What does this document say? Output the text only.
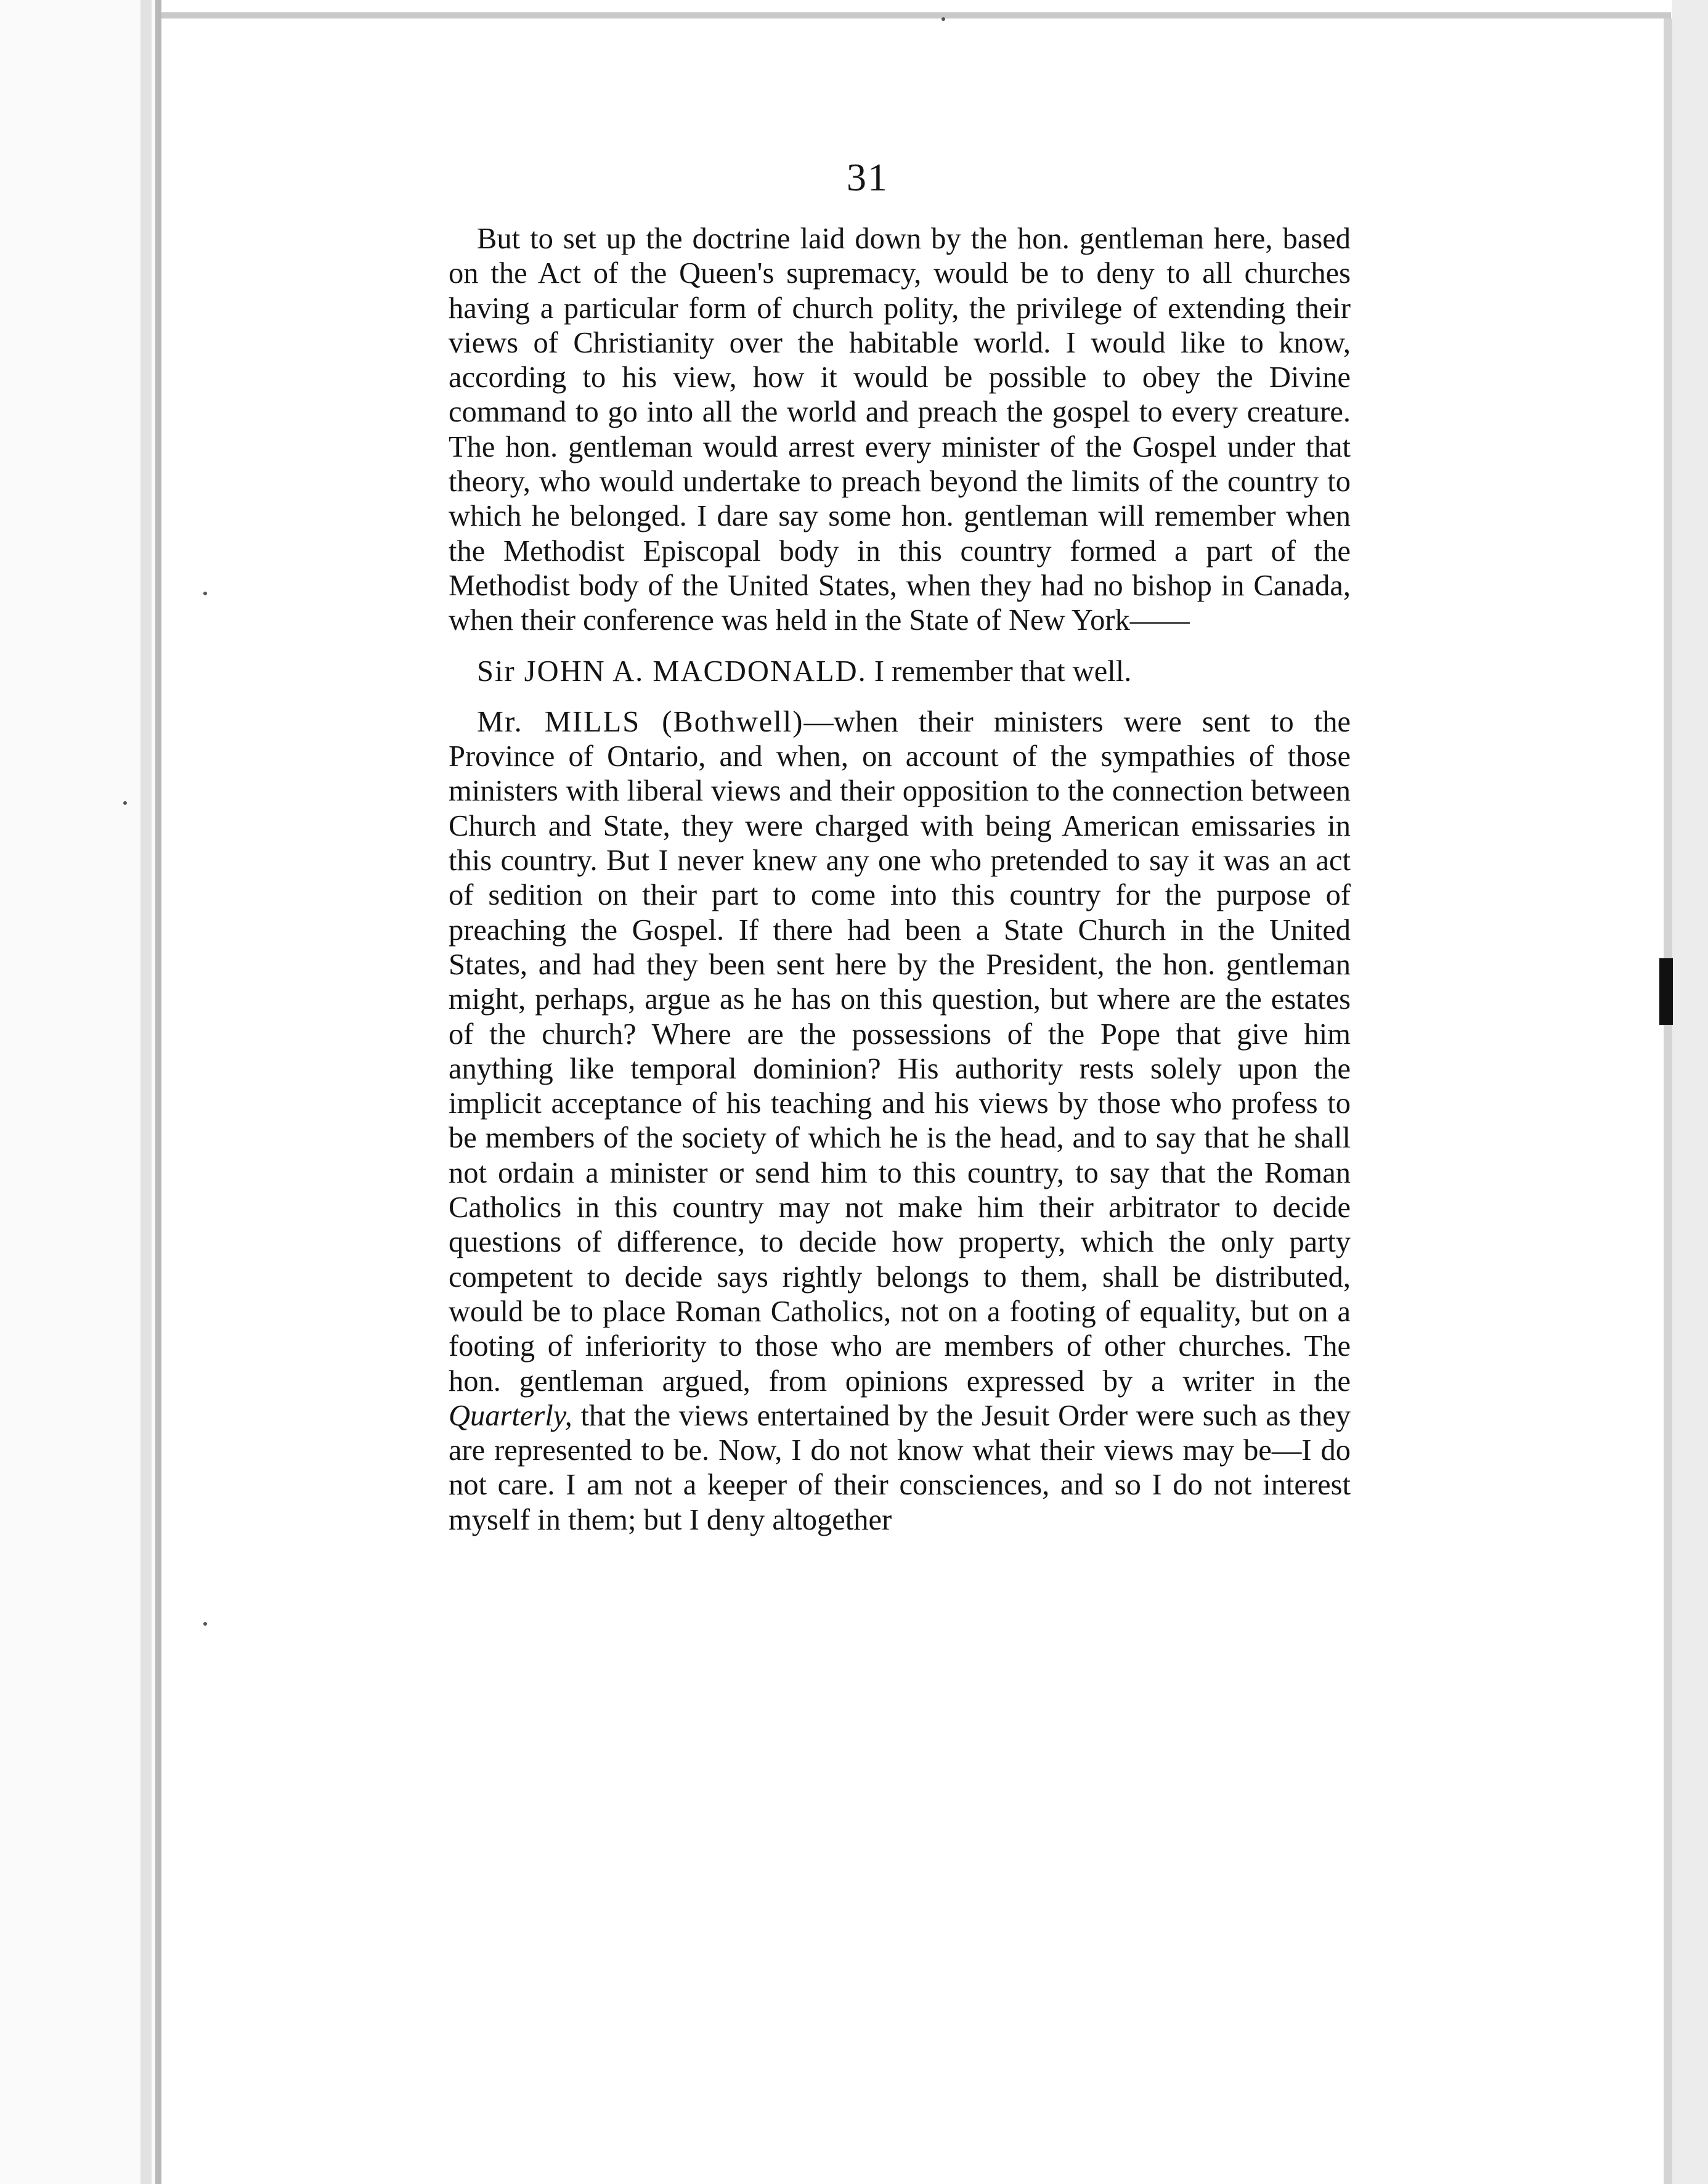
31

But to set up the doctrine laid down by the hon. gentleman here, based on the Act of the Queen's supremacy, would be to deny to all churches having a particular form of church polity, the privilege of extending their views of Christianity over the habitable world. I would like to know, according to his view, how it would be possible to obey the Divine command to go into all the world and preach the gospel to every creature. The hon. gentleman would arrest every minister of the Gospel under that theory, who would undertake to preach beyond the limits of the country to which he belonged. I dare say some hon. gentleman will remember when the Methodist Episcopal body in this country formed a part of the Methodist body of the United States, when they had no bishop in Canada, when their conference was held in the State of New York——

Sir JOHN A. MACDONALD. I remember that well.

Mr. MILLS (Bothwell)—when their ministers were sent to the Province of Ontario, and when, on account of the sympathies of those ministers with liberal views and their opposition to the connection between Church and State, they were charged with being American emissaries in this country. But I never knew any one who pretended to say it was an act of sedition on their part to come into this country for the purpose of preaching the Gospel. If there had been a State Church in the United States, and had they been sent here by the President, the hon. gentleman might, perhaps, argue as he has on this question, but where are the estates of the church? Where are the possessions of the Pope that give him anything like temporal dominion? His authority rests solely upon the implicit acceptance of his teaching and his views by those who profess to be members of the society of which he is the head, and to say that he shall not ordain a minister or send him to this country, to say that the Roman Catholics in this country may not make him their arbitrator to decide questions of difference, to decide how property, which the only party competent to decide says rightly belongs to them, shall be distributed, would be to place Roman Catholics, not on a footing of equality, but on a footing of inferiority to those who are members of other churches. The hon. gentleman argued, from opinions expressed by a writer in the Quarterly, that the views entertained by the Jesuit Order were such as they are represented to be. Now, I do not know what their views may be—I do not care. I am not a keeper of their consciences, and so I do not interest myself in them; but I deny altogether
